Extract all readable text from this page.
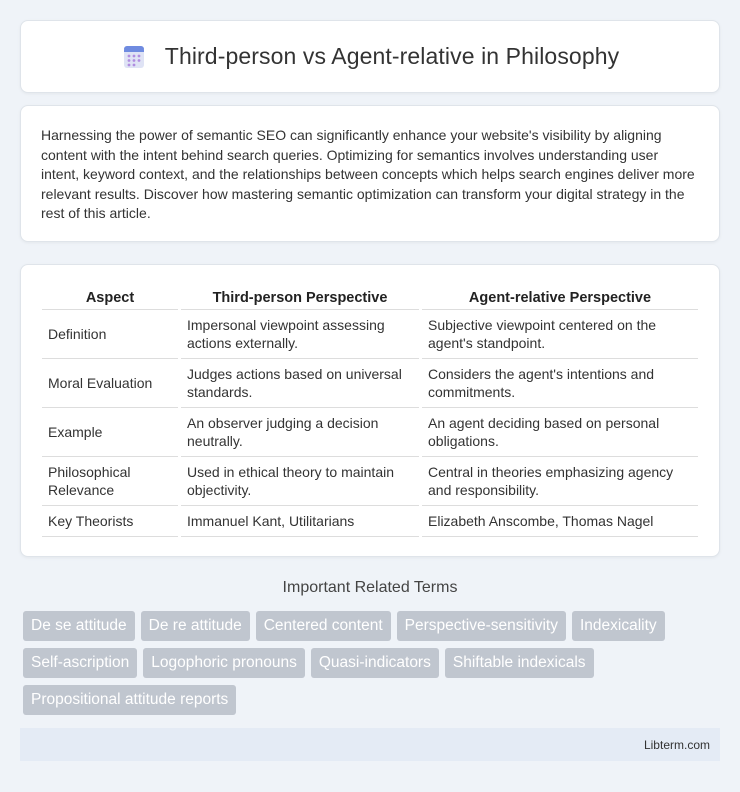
Third-person vs Agent-relative in Philosophy

Harnessing the power of semantic SEO can significantly enhance your website's visibility by aligning content with the intent behind search queries. Optimizing for semantics involves understanding user intent, keyword context, and the relationships between concepts which helps search engines deliver more relevant results. Discover how mastering semantic optimization can transform your digital strategy in the rest of this article.

Aspect	Third-person Perspective	Agent-relative Perspective
Definition	Impersonal viewpoint assessing actions externally.	Subjective viewpoint centered on the agent's standpoint.
Moral Evaluation	Judges actions based on universal standards.	Considers the agent's intentions and commitments.
Example	An observer judging a decision neutrally.	An agent deciding based on personal obligations.
Philosophical Relevance	Used in ethical theory to maintain objectivity.	Central in theories emphasizing agency and responsibility.
Key Theorists	Immanuel Kant, Utilitarians	Elizabeth Anscombe, Thomas Nagel
Important Related Terms
De se attitude	De re attitude	Centered content	Perspective-sensitivity	Indexicality
Self-ascription	Logophoric pronouns	Quasi-indicators	Shiftable indexicals
Propositional attitude reports
Libterm.com
